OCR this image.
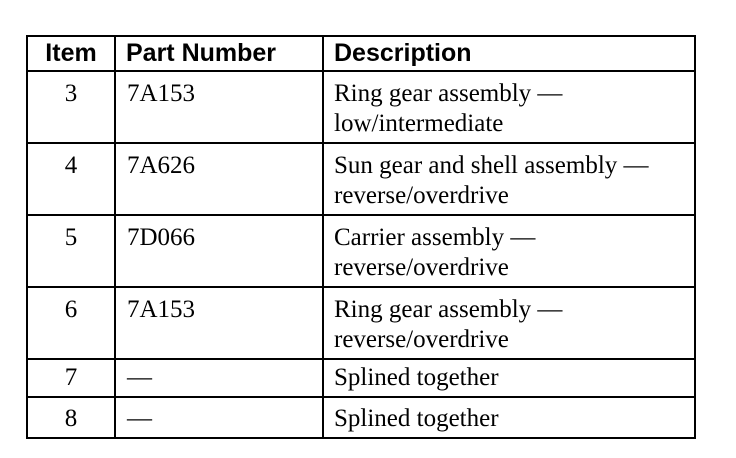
Item	Part Number	Description
3	7A153	Ring gear assembly — low/intermediate
4	7A626	Sun gear and shell assembly — reverse/overdrive
5	7D066	Carrier assembly — reverse/overdrive
6	7A153	Ring gear assembly — reverse/overdrive
7	—	Splined together
8	—	Splined together
